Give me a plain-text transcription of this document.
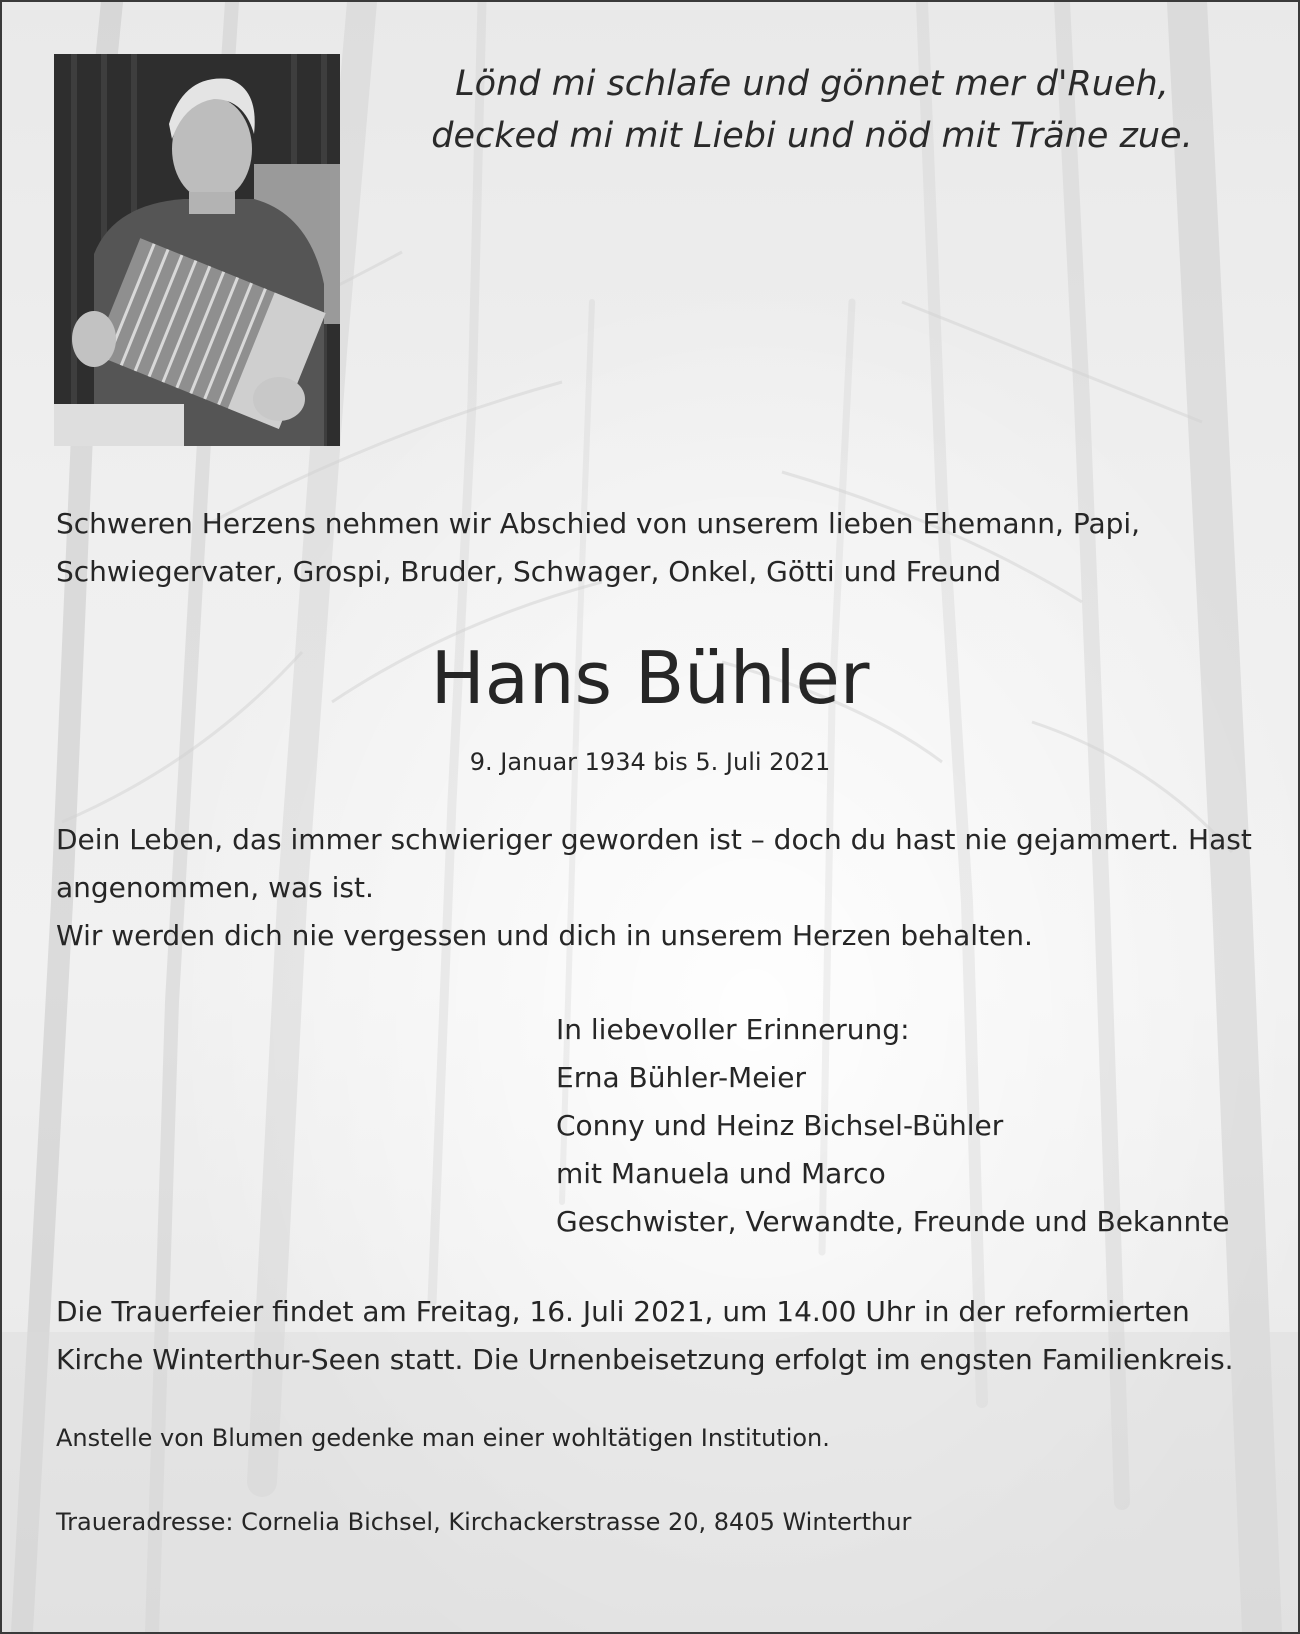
Lönd mi schlafe und gönnet mer d'Rueh,
decked mi mit Liebi und nöd mit Träne zue.
Schweren Herzens nehmen wir Abschied von unserem lieben Ehemann, Papi,
Schwiegervater, Grospi, Bruder, Schwager, Onkel, Götti und Freund
Hans Bühler
9. Januar 1934 bis 5. Juli 2021
Dein Leben, das immer schwieriger geworden ist – doch du hast nie gejammert. Hast
angenommen, was ist.
Wir werden dich nie vergessen und dich in unserem Herzen behalten.
In liebevoller Erinnerung:
Erna Bühler-Meier
Conny und Heinz Bichsel-Bühler
mit Manuela und Marco
Geschwister, Verwandte, Freunde und Bekannte
Die Trauerfeier findet am Freitag, 16. Juli 2021, um 14.00 Uhr in der reformierten
Kirche Winterthur-Seen statt. Die Urnenbeisetzung erfolgt im engsten Familienkreis.
Anstelle von Blumen gedenke man einer wohltätigen Institution.
Traueradresse: Cornelia Bichsel, Kirchackerstrasse 20, 8405 Winterthur
